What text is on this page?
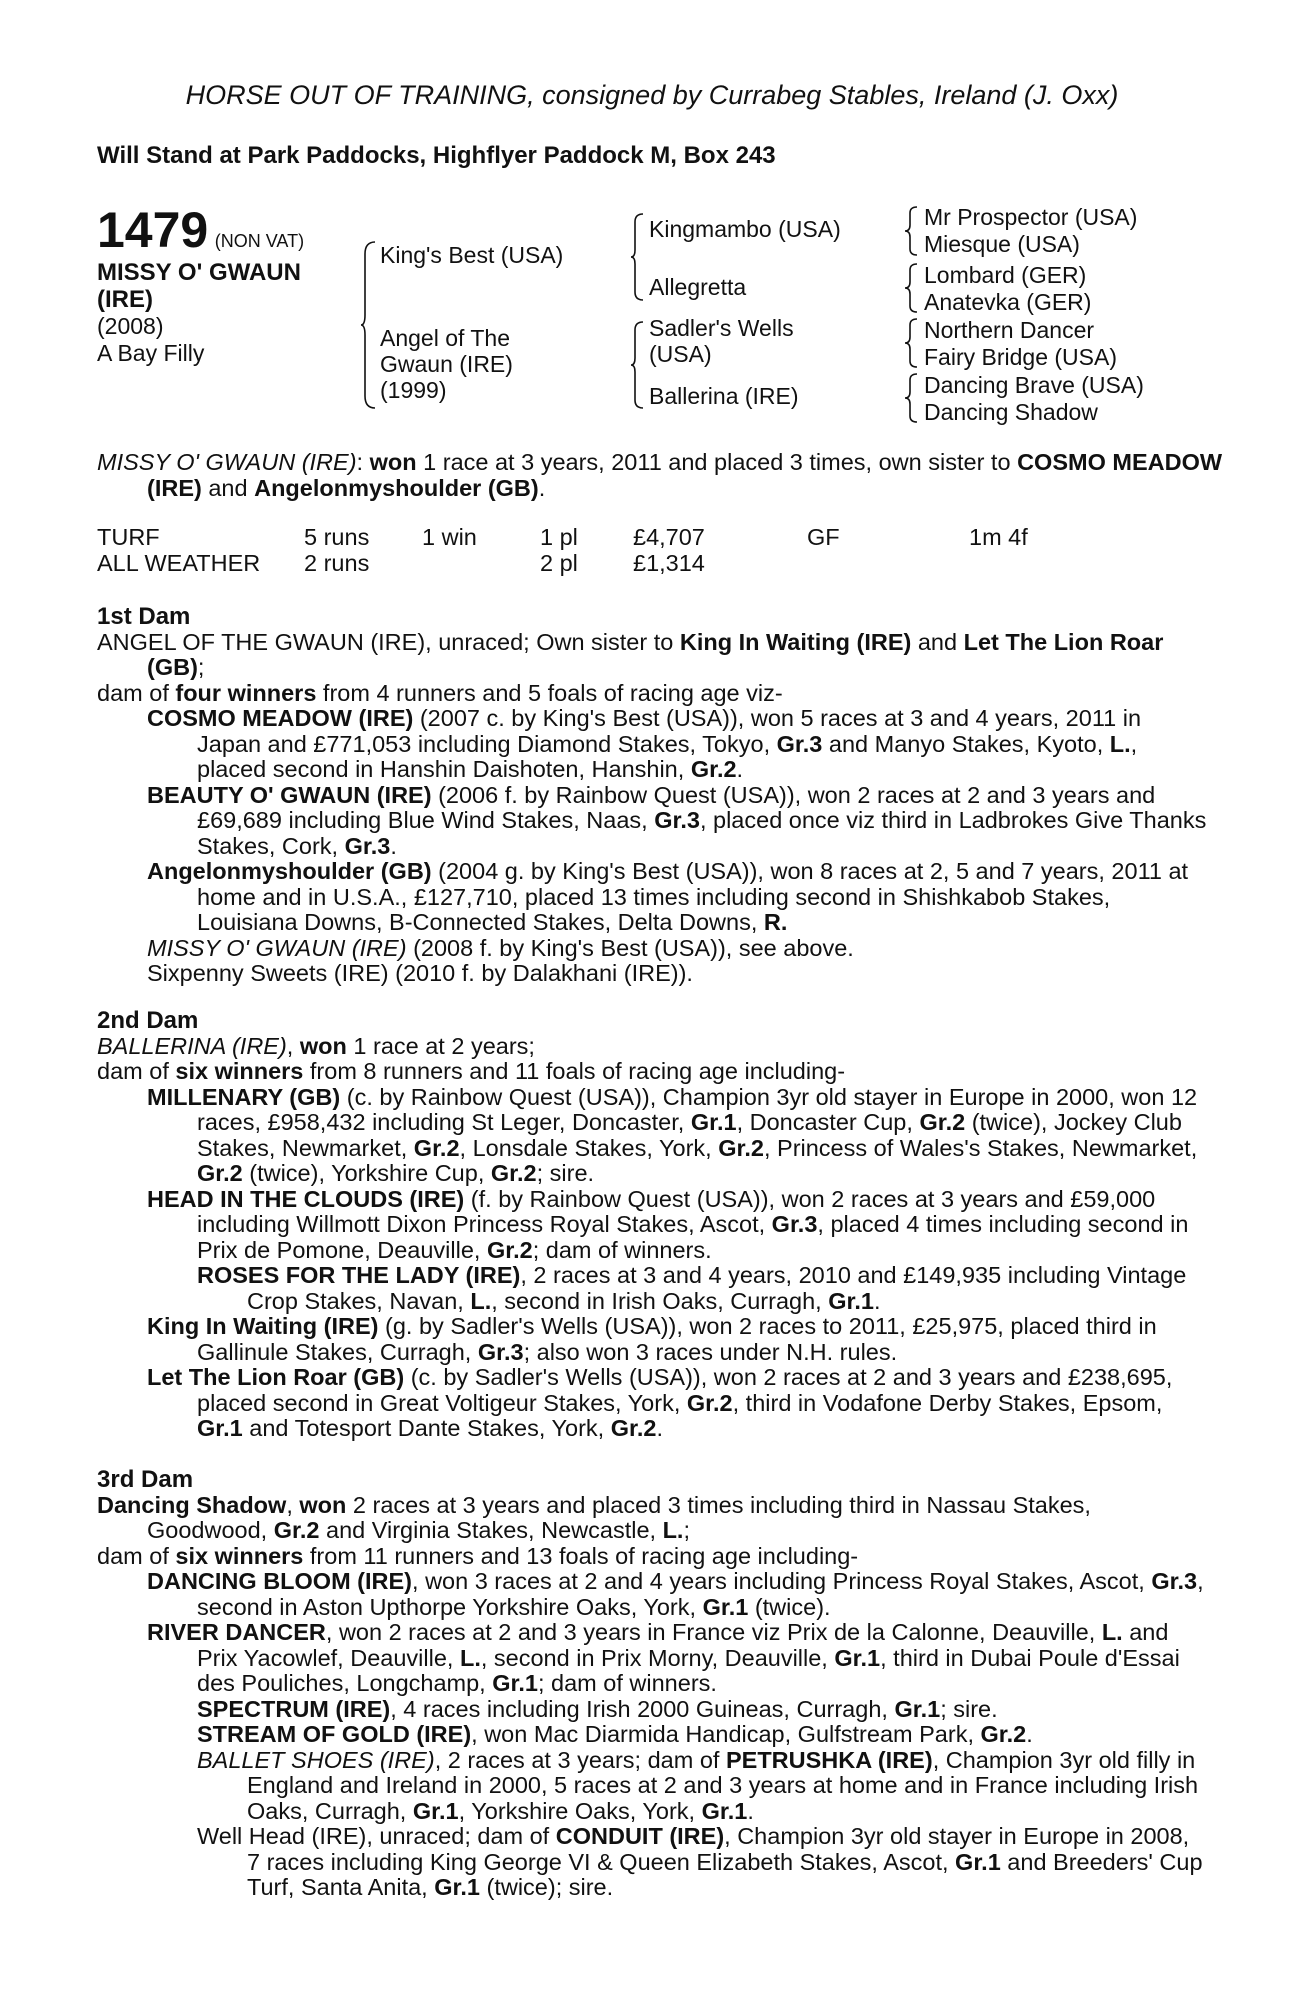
HORSE OUT OF TRAINING, consigned by Currabeg Stables, Ireland (J. Oxx)
Will Stand at Park Paddocks, Highflyer Paddock M, Box 243
1479 (NON VAT)
MISSY O' GWAUN
(IRE)
(2008)
A Bay Filly
King's Best (USA)
Angel of The
Gwaun (IRE)
(1999)
Kingmambo (USA)
Allegretta
Sadler's Wells
(USA)
Ballerina (IRE)
Mr Prospector (USA)
Miesque (USA)
Lombard (GER)
Anatevka (GER)
Northern Dancer
Fairy Bridge (USA)
Dancing Brave (USA)
Dancing Shadow
MISSY O' GWAUN (IRE): won 1 race at 3 years, 2011 and placed 3 times, own sister to COSMO MEADOW (IRE) and Angelonmyshoulder (GB).
TURF	5 runs	1 win	1 pl	£4,707	GF	1m 4f
ALL WEATHER	2 runs		2 pl	£1,314		
1st Dam
ANGEL OF THE GWAUN (IRE), unraced; Own sister to King In Waiting (IRE) and Let The Lion Roar (GB);
dam of four winners from 4 runners and 5 foals of racing age viz-
COSMO MEADOW (IRE) (2007 c. by King's Best (USA)), won 5 races at 3 and 4 years, 2011 in Japan and £771,053 including Diamond Stakes, Tokyo, Gr.3 and Manyo Stakes, Kyoto, L., placed second in Hanshin Daishoten, Hanshin, Gr.2.
BEAUTY O' GWAUN (IRE) (2006 f. by Rainbow Quest (USA)), won 2 races at 2 and 3 years and £69,689 including Blue Wind Stakes, Naas, Gr.3, placed once viz third in Ladbrokes Give Thanks Stakes, Cork, Gr.3.
Angelonmyshoulder (GB) (2004 g. by King's Best (USA)), won 8 races at 2, 5 and 7 years, 2011 at home and in U.S.A., £127,710, placed 13 times including second in Shishkabob Stakes, Louisiana Downs, B-Connected Stakes, Delta Downs, R.
MISSY O' GWAUN (IRE) (2008 f. by King's Best (USA)), see above.
Sixpenny Sweets (IRE) (2010 f. by Dalakhani (IRE)).
2nd Dam
BALLERINA (IRE), won 1 race at 2 years;
dam of six winners from 8 runners and 11 foals of racing age including-
MILLENARY (GB) (c. by Rainbow Quest (USA)), Champion 3yr old stayer in Europe in 2000, won 12 races, £958,432 including St Leger, Doncaster, Gr.1, Doncaster Cup, Gr.2 (twice), Jockey Club Stakes, Newmarket, Gr.2, Lonsdale Stakes, York, Gr.2, Princess of Wales's Stakes, Newmarket, Gr.2 (twice), Yorkshire Cup, Gr.2; sire.
HEAD IN THE CLOUDS (IRE) (f. by Rainbow Quest (USA)), won 2 races at 3 years and £59,000 including Willmott Dixon Princess Royal Stakes, Ascot, Gr.3, placed 4 times including second in Prix de Pomone, Deauville, Gr.2; dam of winners.
ROSES FOR THE LADY (IRE), 2 races at 3 and 4 years, 2010 and £149,935 including Vintage Crop Stakes, Navan, L., second in Irish Oaks, Curragh, Gr.1.
King In Waiting (IRE) (g. by Sadler's Wells (USA)), won 2 races to 2011, £25,975, placed third in Gallinule Stakes, Curragh, Gr.3; also won 3 races under N.H. rules.
Let The Lion Roar (GB) (c. by Sadler's Wells (USA)), won 2 races at 2 and 3 years and £238,695, placed second in Great Voltigeur Stakes, York, Gr.2, third in Vodafone Derby Stakes, Epsom, Gr.1 and Totesport Dante Stakes, York, Gr.2.
3rd Dam
Dancing Shadow, won 2 races at 3 years and placed 3 times including third in Nassau Stakes, Goodwood, Gr.2 and Virginia Stakes, Newcastle, L.;
dam of six winners from 11 runners and 13 foals of racing age including-
DANCING BLOOM (IRE), won 3 races at 2 and 4 years including Princess Royal Stakes, Ascot, Gr.3, second in Aston Upthorpe Yorkshire Oaks, York, Gr.1 (twice).
RIVER DANCER, won 2 races at 2 and 3 years in France viz Prix de la Calonne, Deauville, L. and Prix Yacowlef, Deauville, L., second in Prix Morny, Deauville, Gr.1, third in Dubai Poule d'Essai des Pouliches, Longchamp, Gr.1; dam of winners.
SPECTRUM (IRE), 4 races including Irish 2000 Guineas, Curragh, Gr.1; sire.
STREAM OF GOLD (IRE), won Mac Diarmida Handicap, Gulfstream Park, Gr.2.
BALLET SHOES (IRE), 2 races at 3 years; dam of PETRUSHKA (IRE), Champion 3yr old filly in England and Ireland in 2000, 5 races at 2 and 3 years at home and in France including Irish Oaks, Curragh, Gr.1, Yorkshire Oaks, York, Gr.1.
Well Head (IRE), unraced; dam of CONDUIT (IRE), Champion 3yr old stayer in Europe in 2008, 7 races including King George VI & Queen Elizabeth Stakes, Ascot, Gr.1 and Breeders' Cup Turf, Santa Anita, Gr.1 (twice); sire.
